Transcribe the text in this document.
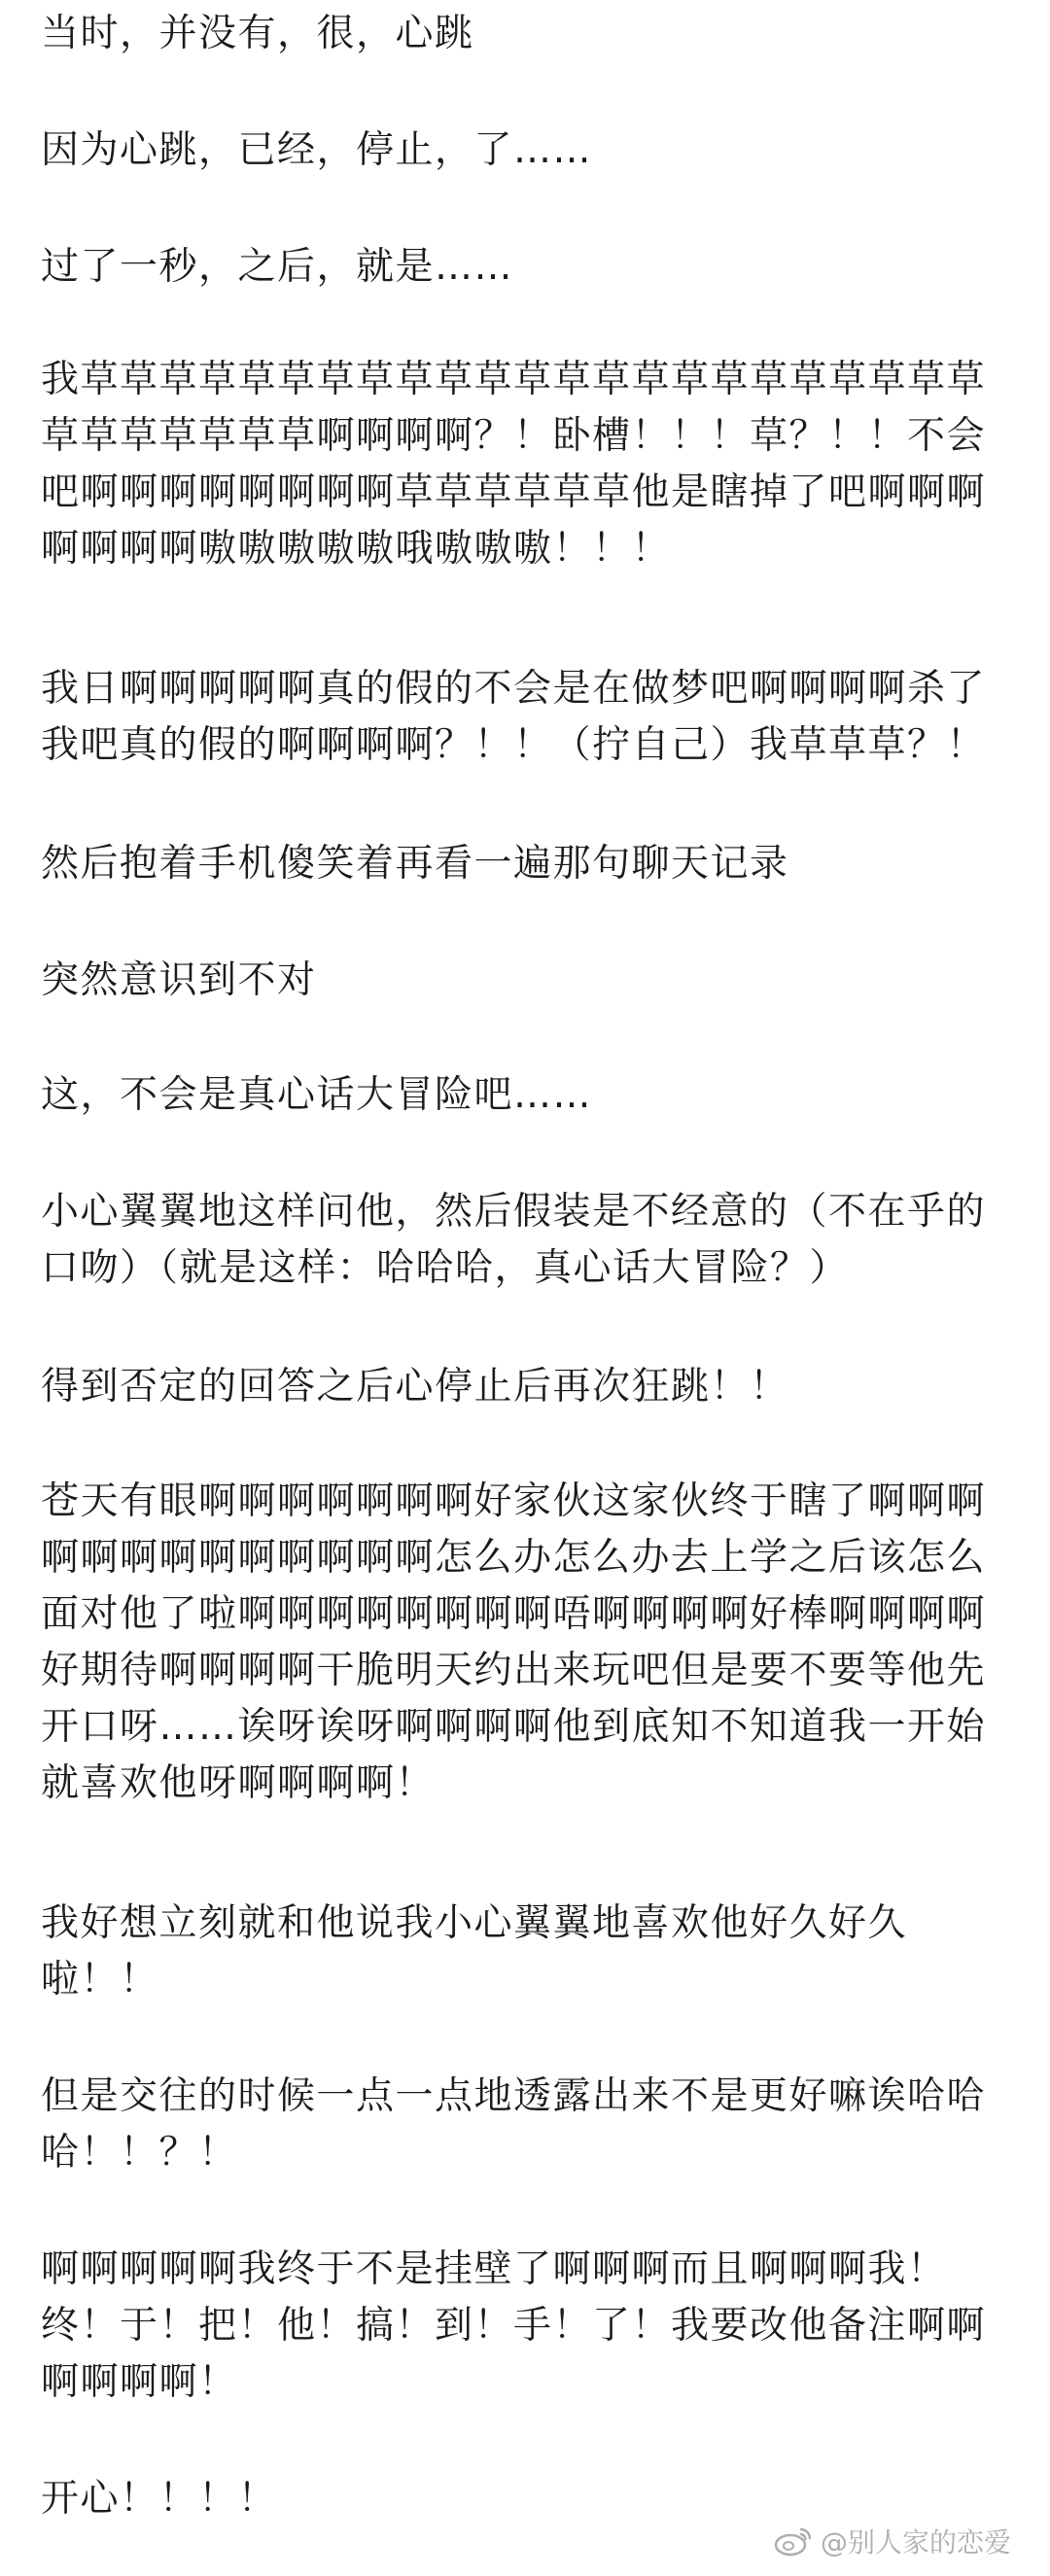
当时，并没有，很，心跳

因为心跳，已经，停止，了……

过了一秒，之后，就是……

我草草草草草草草草草草草草草草草草草草草草草草草草草草草草草草啊啊啊啊？！卧槽！！！草？！！不会吧啊啊啊啊啊啊啊啊草草草草草草他是瞎掉了吧啊啊啊啊啊啊啊嗷嗷嗷嗷嗷哦嗷嗷嗷！！！

我日啊啊啊啊啊真的假的不会是在做梦吧啊啊啊啊杀了我吧真的假的啊啊啊啊？！！（拧自己）我草草草？！

然后抱着手机傻笑着再看一遍那句聊天记录

突然意识到不对

这，不会是真心话大冒险吧……

小心翼翼地这样问他，然后假装是不经意的（不在乎的口吻）（就是这样：哈哈哈，真心话大冒险？）

得到否定的回答之后心停止后再次狂跳！！

苍天有眼啊啊啊啊啊啊啊好家伙这家伙终于瞎了啊啊啊啊啊啊啊啊啊啊啊啊啊怎么办怎么办去上学之后该怎么面对他了啦啊啊啊啊啊啊啊啊唔啊啊啊啊好棒啊啊啊啊好期待啊啊啊啊干脆明天约出来玩吧但是要不要等他先开口呀……诶呀诶呀啊啊啊啊他到底知不知道我一开始就喜欢他呀啊啊啊啊！

我好想立刻就和他说我小心翼翼地喜欢他好久好久啦！！

但是交往的时候一点一点地透露出来不是更好嘛诶哈哈哈！！？！

啊啊啊啊啊我终于不是挂壁了啊啊啊而且啊啊啊我！终！于！把！他！搞！到！手！了！我要改他备注啊啊啊啊啊啊！

开心！！！！

@别人家的恋爱
